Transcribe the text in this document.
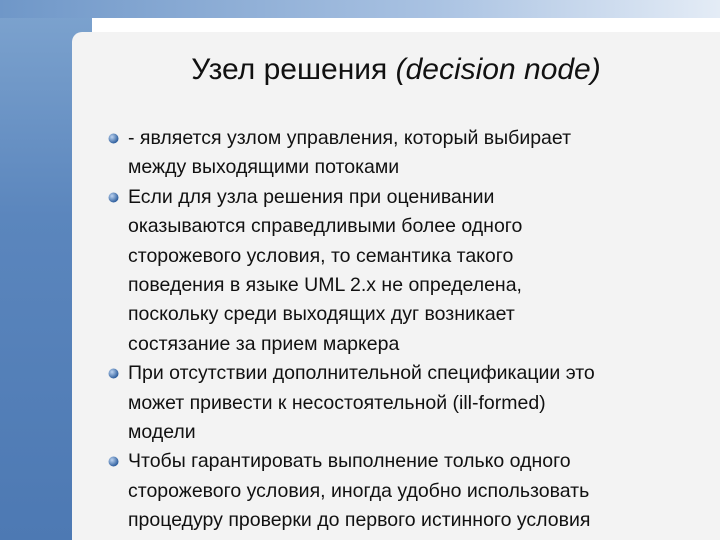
Узел решения (decision node)
- является узлом управления, который выбирает
между выходящими потоками
Если для узла решения при оценивании
оказываются справедливыми более одного
сторожевого условия, то семантика такого
поведения в языке UML 2.x не определена,
поскольку среди выходящих дуг возникает
состязание за прием маркера
При отсутствии дополнительной спецификации это
может привести к несостоятельной (ill-formed)
модели
Чтобы гарантировать выполнение только одного
сторожевого условия, иногда удобно использовать
процедуру проверки до первого истинного условия
